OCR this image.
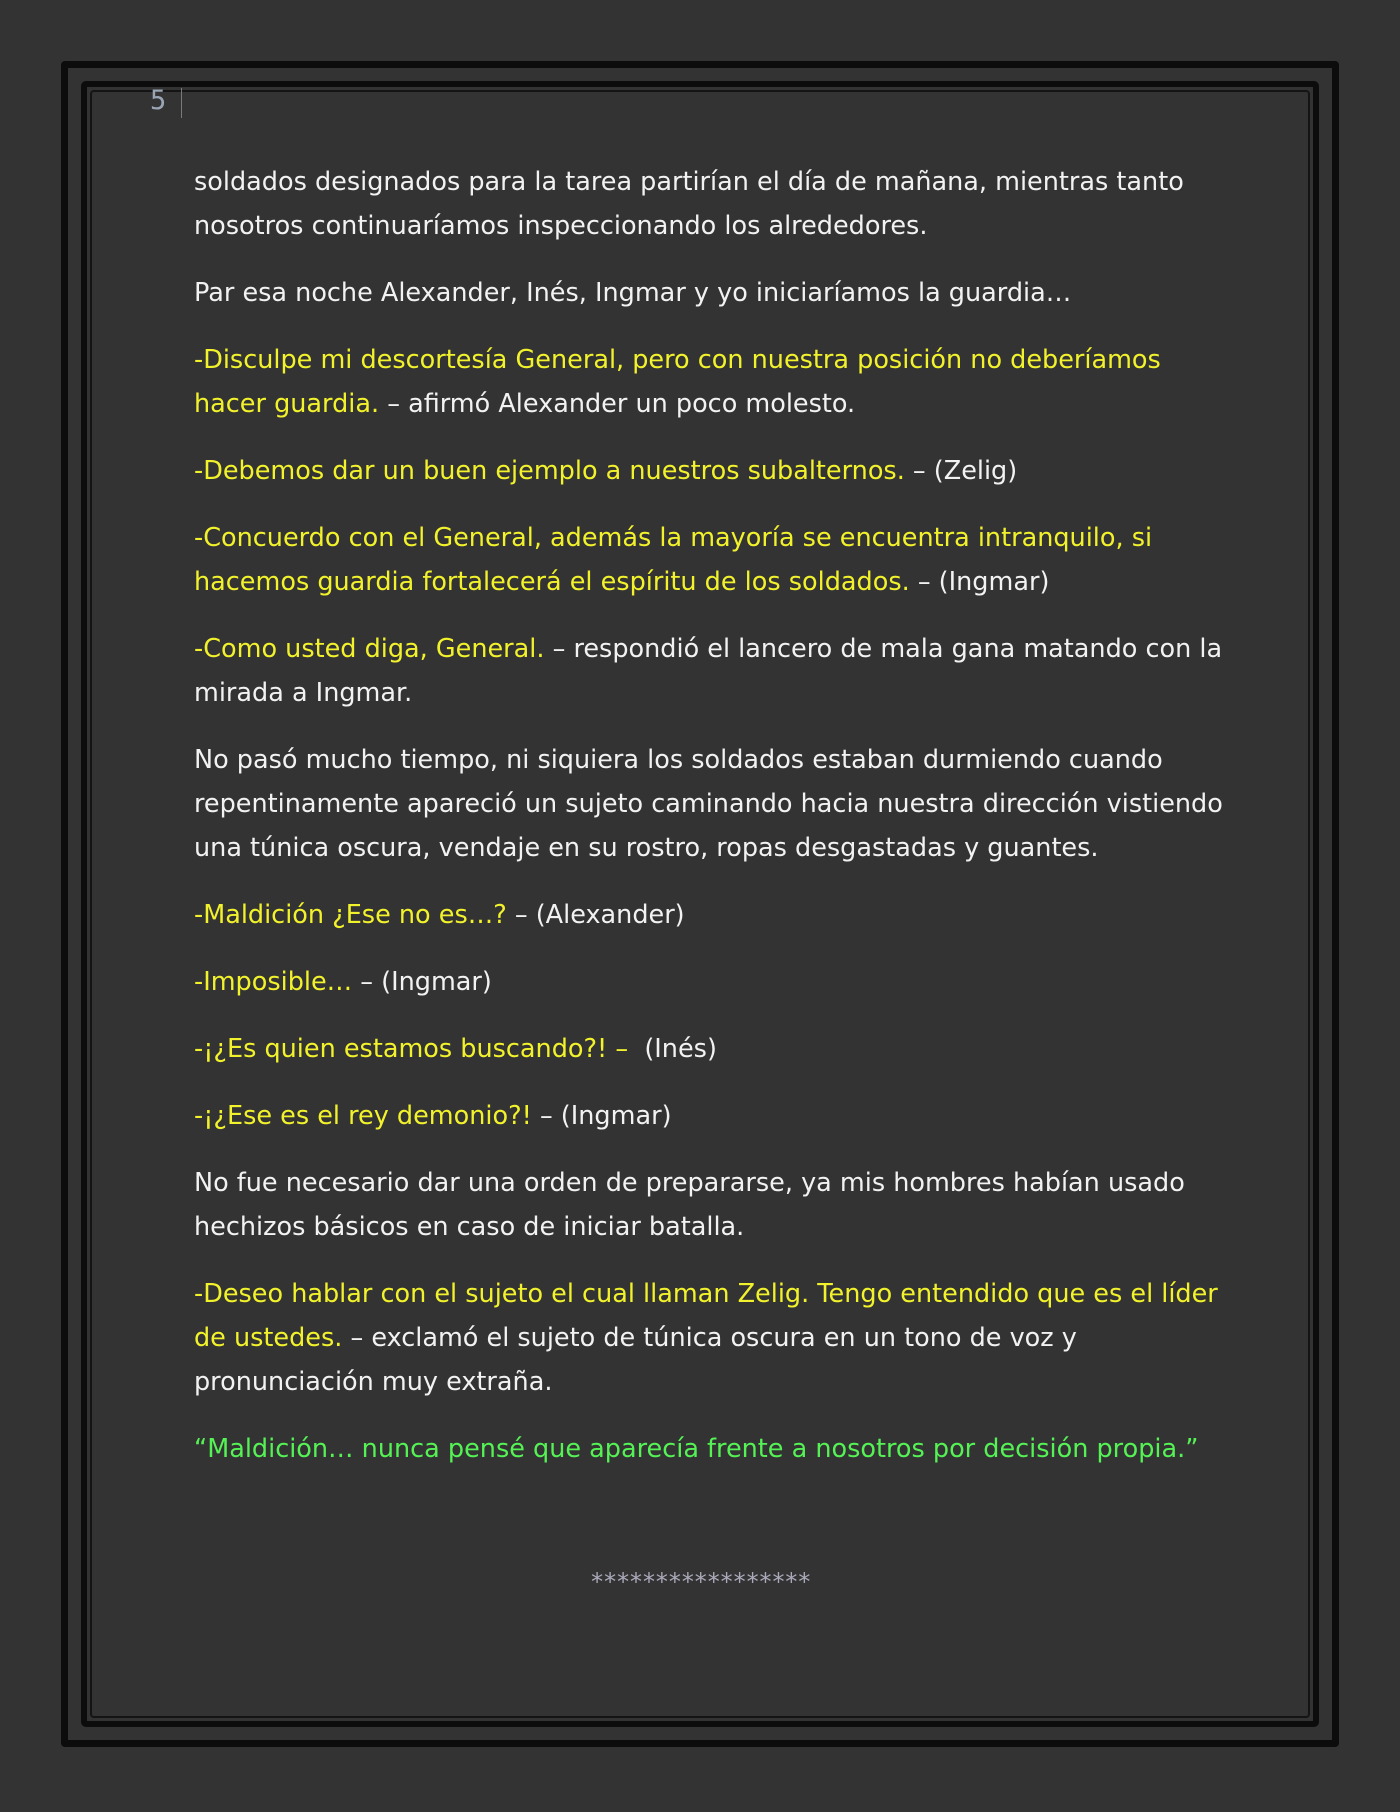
5

soldados designados para la tarea partirían el día de mañana, mientras tanto nosotros continuaríamos inspeccionando los alrededores.

Par esa noche Alexander, Inés, Ingmar y yo iniciaríamos la guardia…

-Disculpe mi descortesía General, pero con nuestra posición no deberíamos hacer guardia. – afirmó Alexander un poco molesto.

-Debemos dar un buen ejemplo a nuestros subalternos. – (Zelig)

-Concuerdo con el General, además la mayoría se encuentra intranquilo, si hacemos guardia fortalecerá el espíritu de los soldados. – (Ingmar)

-Como usted diga, General. – respondió el lancero de mala gana matando con la mirada a Ingmar.

No pasó mucho tiempo, ni siquiera los soldados estaban durmiendo cuando repentinamente apareció un sujeto caminando hacia nuestra dirección vistiendo una túnica oscura, vendaje en su rostro, ropas desgastadas y guantes.

-Maldición ¿Ese no es…? – (Alexander)

-Imposible… – (Ingmar)

-¡¿Es quien estamos buscando?! –  (Inés)

-¡¿Ese es el rey demonio?! – (Ingmar)

No fue necesario dar una orden de prepararse, ya mis hombres habían usado hechizos básicos en caso de iniciar batalla.

-Deseo hablar con el sujeto el cual llaman Zelig. Tengo entendido que es el líder de ustedes. – exclamó el sujeto de túnica oscura en un tono de voz y pronunciación muy extraña.

“Maldición… nunca pensé que aparecía frente a nosotros por decisión propia.”

*****************
